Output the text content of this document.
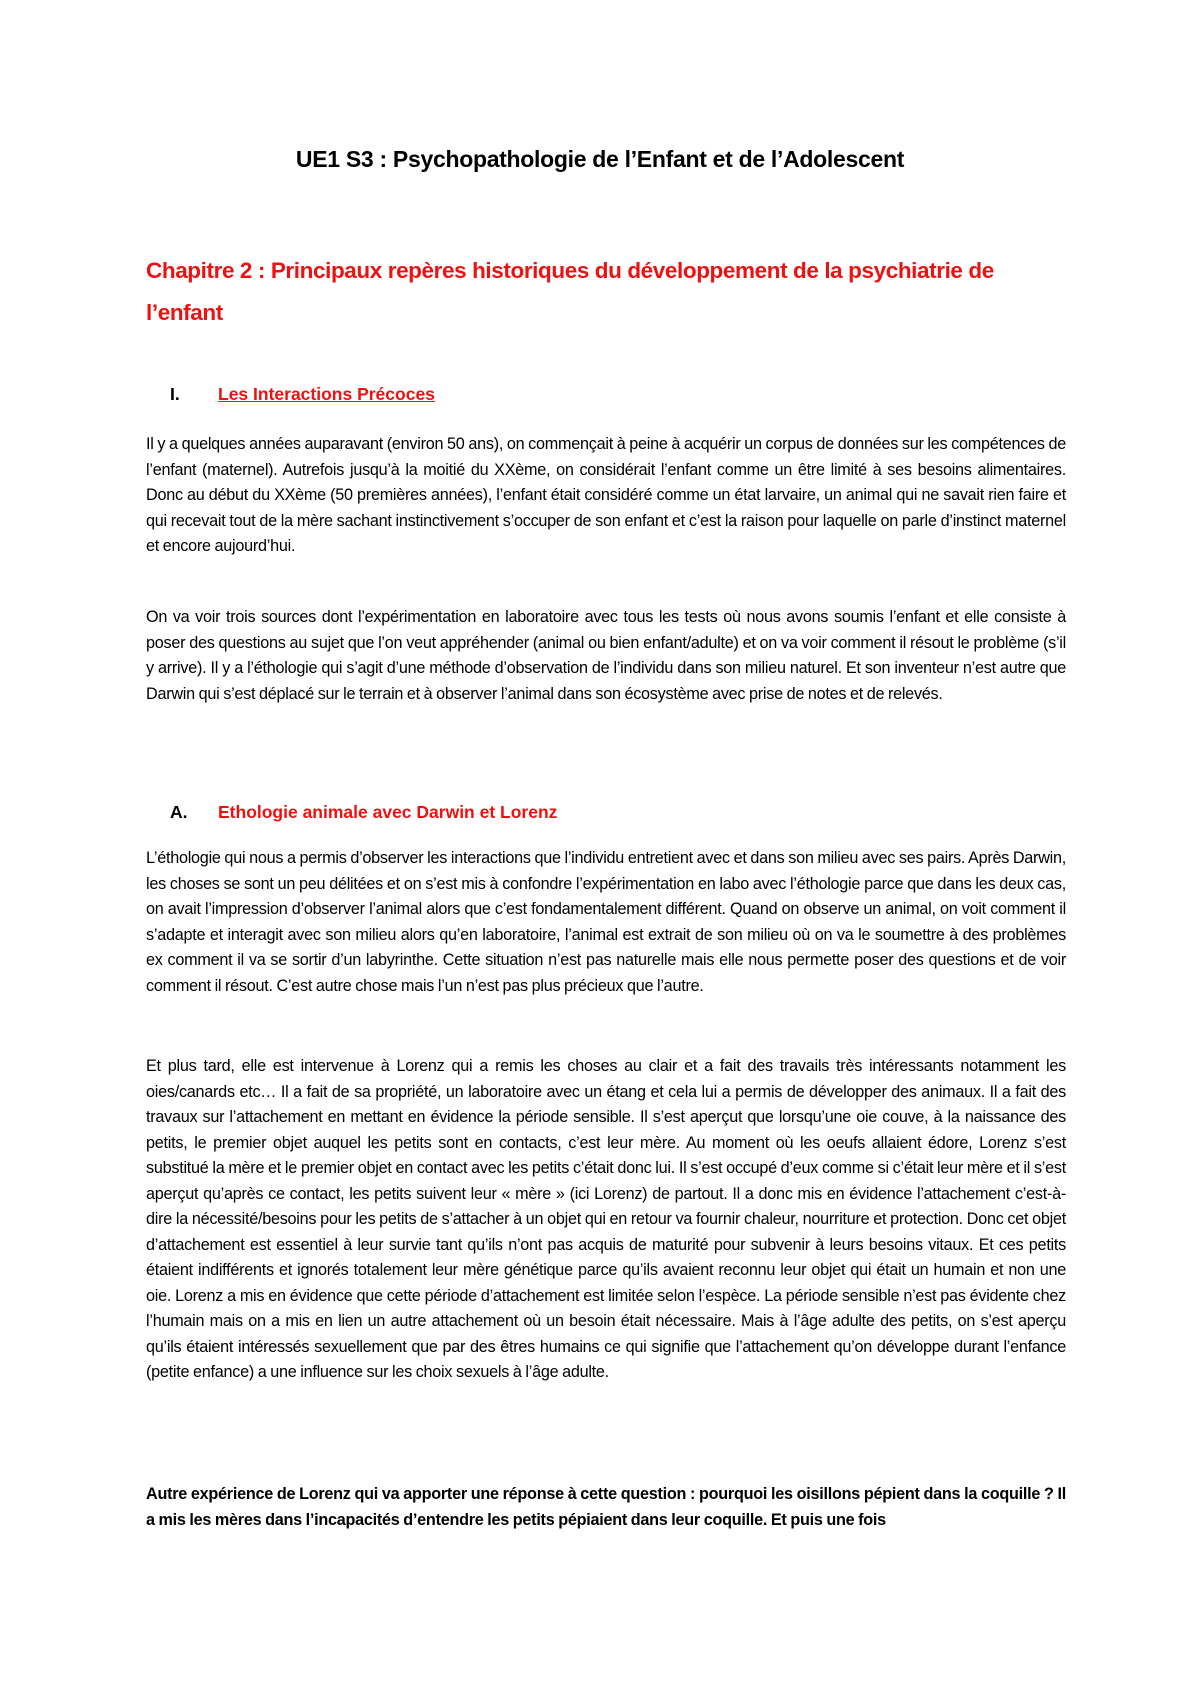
UE1 S3 : Psychopathologie de l’Enfant et de l’Adolescent
Chapitre 2 : Principaux repères historiques du développement de la psychiatrie de l’enfant
I.	Les Interactions Précoces

Il y a quelques années auparavant (environ 50 ans), on commençait à peine à acquérir un corpus de données sur les compétences de l’enfant (maternel). Autrefois jusqu’à la moitié du XXème, on considérait l’enfant comme un être limité à ses besoins alimentaires. Donc au début du XXème (50 premières années), l’enfant était considéré comme un état larvaire, un animal qui ne savait rien faire et qui recevait tout de la mère sachant instinctivement s’occuper de son enfant et c’est la raison pour laquelle on parle d’instinct maternel et encore aujourd’hui.

On va voir trois sources dont l’expérimentation en laboratoire avec tous les tests où nous avons soumis l’enfant et elle consiste à poser des questions au sujet que l’on veut appréhender (animal ou bien enfant/adulte) et on va voir comment il résout le problème (s’il y arrive). Il y a l’éthologie qui s’agit d’une méthode d’observation de l’individu dans son milieu naturel. Et son inventeur n’est autre que Darwin qui s’est déplacé sur le terrain et à observer l’animal dans son écosystème avec prise de notes et de relevés.

A.	Ethologie animale avec Darwin et Lorenz

L’éthologie qui nous a permis d’observer les interactions que l’individu entretient avec et dans son milieu avec ses pairs. Après Darwin, les choses se sont un peu délitées et on s’est mis à confondre l’expérimentation en labo avec l’éthologie parce que dans les deux cas, on avait l’impression d’observer l’animal alors que c’est fondamentalement différent. Quand on observe un animal, on voit comment il s’adapte et interagit avec son milieu alors qu’en laboratoire, l’animal est extrait de son milieu où on va le soumettre à des problèmes ex comment il va se sortir d’un labyrinthe. Cette situation n’est pas naturelle mais elle nous permette poser des questions et de voir comment il résout. C’est autre chose mais l’un n’est pas plus précieux que l’autre.

Et plus tard, elle est intervenue à Lorenz qui a remis les choses au clair et a fait des travails très intéressants notamment les oies/canards etc… Il a fait de sa propriété, un laboratoire avec un étang et cela lui a permis de développer des animaux. Il a fait des travaux sur l’attachement en mettant en évidence la période sensible. Il s’est aperçut que lorsqu’une oie couve, à la naissance des petits, le premier objet auquel les petits sont en contacts, c’est leur mère. Au moment où les oeufs allaient édore, Lorenz s’est substitué la mère et le premier objet en contact avec les petits c’était donc lui. Il s’est occupé d’eux comme si c’était leur mère et il s’est aperçut qu’après ce contact, les petits suivent leur « mère » (ici Lorenz) de partout. Il a donc mis en évidence l’attachement c’est-à-dire la nécessité/besoins pour les petits de s’attacher à un objet qui en retour va fournir chaleur, nourriture et protection. Donc cet objet d’attachement est essentiel à leur survie tant qu’ils n’ont pas acquis de maturité pour subvenir à leurs besoins vitaux. Et ces petits étaient indifférents et ignorés totalement leur mère génétique parce qu’ils avaient reconnu leur objet qui était un humain et non une oie. Lorenz a mis en évidence que cette période d’attachement est limitée selon l’espèce. La période sensible n’est pas évidente chez l’humain mais on a mis en lien un autre attachement où un besoin était nécessaire. Mais à l’âge adulte des petits, on s’est aperçu qu’ils étaient intéressés sexuellement que par des êtres humains ce qui signifie que l’attachement qu’on développe durant l’enfance (petite enfance) a une influence sur les choix sexuels à l’âge adulte.

Autre expérience de Lorenz qui va apporter une réponse à cette question : pourquoi les oisillons pépient dans la coquille ? Il a mis les mères dans l’incapacités d’entendre les petits pépiaient dans leur coquille. Et puis une fois
